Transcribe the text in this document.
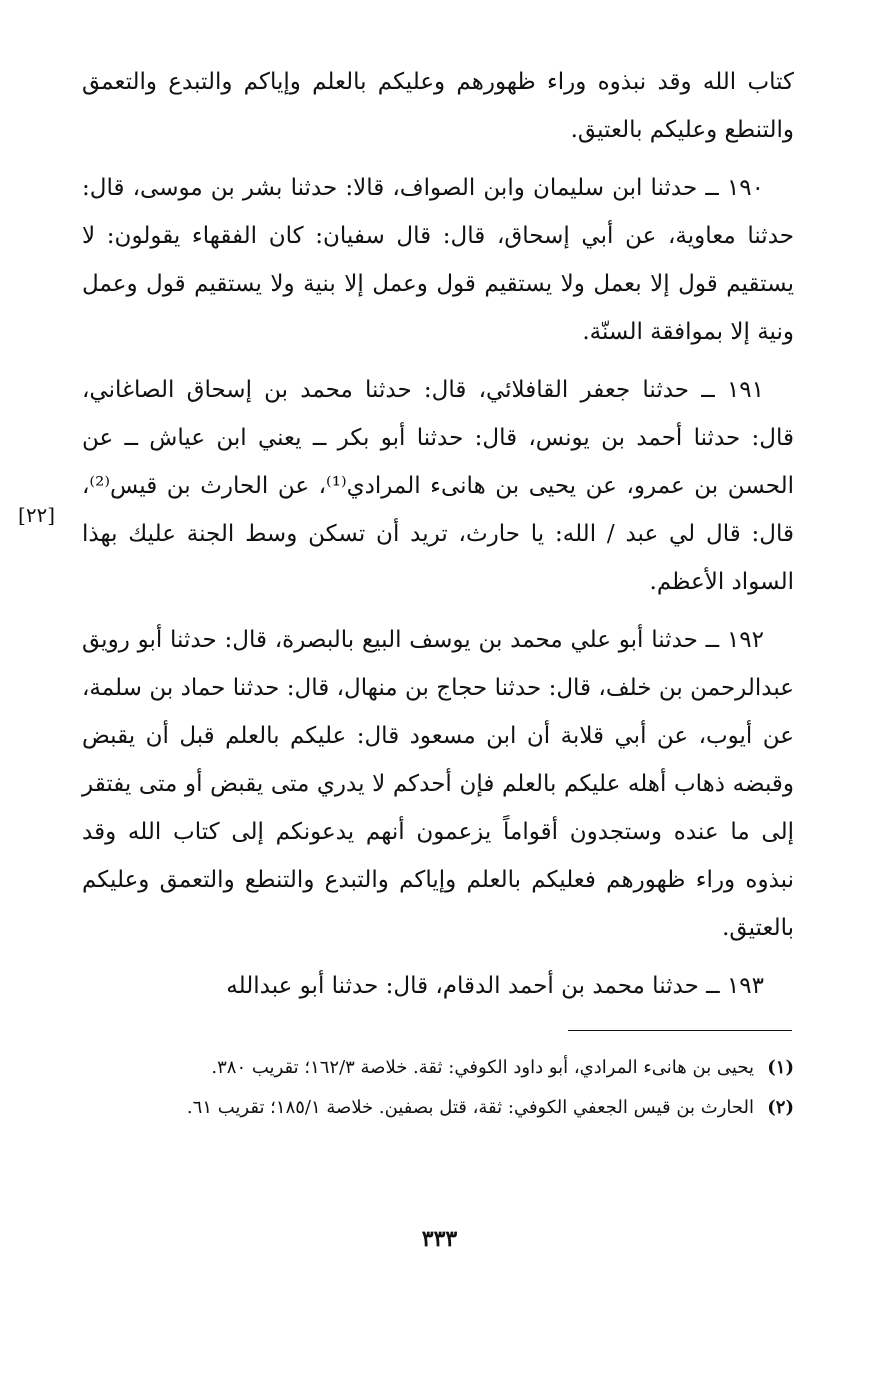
كتاب الله وقد نبذوه وراء ظهورهم وعليكم بالعلم وإياكم والتبدع والتعمق والتنطع وعليكم بالعتيق.

١٩٠ ــ حدثنا ابن سليمان وابن الصواف، قالا: حدثنا بشر بن موسى، قال: حدثنا معاوية، عن أبي إسحاق، قال: قال سفيان: كان الفقهاء يقولون: لا يستقيم قول إلا بعمل ولا يستقيم قول وعمل إلا بنية ولا يستقيم قول وعمل ونية إلا بموافقة السنّة.

١٩١ ــ حدثنا جعفر القافلائي، قال: حدثنا محمد بن إسحاق الصاغاني، قال: حدثنا أحمد بن يونس، قال: حدثنا أبو بكر ــ يعني ابن عياش ــ عن الحسن بن عمرو، عن يحيى بن هانىء المرادي⁽¹⁾، عن الحارث بن قيس⁽²⁾، قال: قال لي عبد / الله: يا حارث، تريد أن تسكن وسط الجنة عليك بهذا السواد الأعظم.

١٩٢ ــ حدثنا أبو علي محمد بن يوسف البيع بالبصرة، قال: حدثنا أبو رويق عبدالرحمن بن خلف، قال: حدثنا حجاج بن منهال، قال: حدثنا حماد بن سلمة، عن أيوب، عن أبي قلابة أن ابن مسعود قال: عليكم بالعلم قبل أن يقبض وقبضه ذهاب أهله عليكم بالعلم فإن أحدكم لا يدري متى يقبض أو متى يفتقر إلى ما عنده وستجدون أقواماً يزعمون أنهم يدعونكم إلى كتاب الله وقد نبذوه وراء ظهورهم فعليكم بالعلم وإياكم والتبدع والتنطع والتعمق وعليكم بالعتيق.

١٩٣ ــ حدثنا محمد بن أحمد الدقام، قال: حدثنا أبو عبدالله

[٢٢]
(١)
يحيى بن هانىء المرادي، أبو داود الكوفي: ثقة. خلاصة ١٦٢/٣؛ تقريب ٣٨٠.
(٢)
الحارث بن قيس الجعفي الكوفي: ثقة، قتل بصفين. خلاصة ١٨٥/١؛ تقريب ٦١.
٣٣٣
